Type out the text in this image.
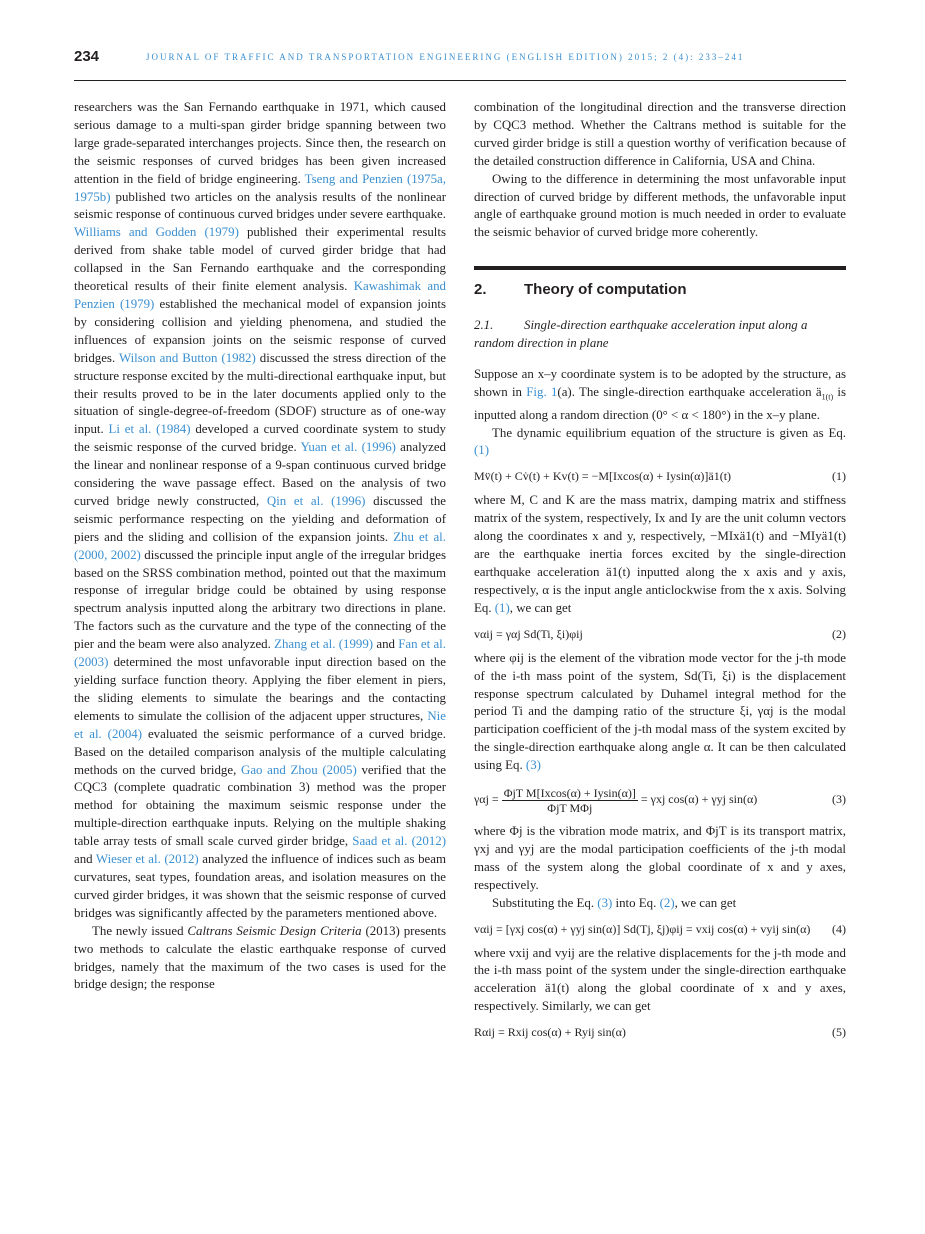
234	JOURNAL OF TRAFFIC AND TRANSPORTATION ENGINEERING (ENGLISH EDITION) 2015; 2 (4): 233–241

researchers was the San Fernando earthquake in 1971, which caused serious damage to a multi-span girder bridge spanning between two large grade-separated interchanges projects. Since then, the research on the seismic responses of curved bridges has been given increased attention in the field of bridge engineering. Tseng and Penzien (1975a, 1975b) published two articles on the analysis results of the nonlinear seismic response of continuous curved bridges under severe earthquake. Williams and Godden (1979) published their experimental results derived from shake table model of curved girder bridge that had collapsed in the San Fernando earthquake and the corresponding theoretical results of their finite element analysis. Kawashimak and Penzien (1979) established the mechanical model of expansion joints by considering collision and yielding phenomena, and studied the influences of expansion joints on the seismic response of curved bridges. Wilson and Button (1982) discussed the stress direction of the structure response excited by the multi-directional earthquake input, but their results proved to be in the later documents applied only to the situation of single-degree-of-freedom (SDOF) structure as of one-way input. Li et al. (1984) developed a curved coordinate system to study the seismic response of the curved bridge. Yuan et al. (1996) analyzed the linear and nonlinear response of a 9-span continuous curved bridge considering the wave passage effect. Based on the analysis of two curved bridge newly constructed, Qin et al. (1996) discussed the seismic performance respecting on the yielding and deformation of piers and the sliding and collision of the expansion joints. Zhu et al. (2000, 2002) discussed the principle input angle of the irregular bridges based on the SRSS combination method, pointed out that the maximum response of irregular bridge could be obtained by using response spectrum analysis inputted along the arbitrary two directions in plane. The factors such as the curvature and the type of the connecting of the pier and the beam were also analyzed. Zhang et al. (1999) and Fan et al. (2003) determined the most unfavorable input direction based on the yielding surface function theory. Applying the fiber element in piers, the sliding elements to simulate the bearings and the contacting elements to simulate the collision of the adjacent upper structures, Nie et al. (2004) evaluated the seismic performance of a curved bridge. Based on the detailed comparison analysis of the multiple calculating methods on the curved bridge, Gao and Zhou (2005) verified that the CQC3 (complete quadratic combination 3) method was the proper method for obtaining the maximum seismic response under the multiple-direction earthquake inputs. Relying on the multiple shaking table array tests of small scale curved girder bridge, Saad et al. (2012) and Wieser et al. (2012) analyzed the influence of indices such as beam curvatures, seat types, foundation areas, and isolation measures on the curved girder bridges, it was shown that the seismic response of curved bridges was significantly affected by the parameters mentioned above.

The newly issued Caltrans Seismic Design Criteria (2013) presents two methods to calculate the elastic earthquake response of curved bridges, namely that the maximum of the two cases is used for the bridge design; the response

combination of the longitudinal direction and the transverse direction by CQC3 method. Whether the Caltrans method is suitable for the curved girder bridge is still a question worthy of verification because of the detailed construction difference in California, USA and China.

Owing to the difference in determining the most unfavorable input direction of curved bridge by different methods, the unfavorable input angle of earthquake ground motion is much needed in order to evaluate the seismic behavior of curved bridge more coherently.

2. Theory of computation
2.1. Single-direction earthquake acceleration input along a random direction in plane

Suppose an x–y coordinate system is to be adopted by the structure, as shown in Fig. 1(a). The single-direction earthquake acceleration $ä_{1(t)}$ is inputted along a random direction (0° < α < 180°) in the x–y plane.

The dynamic equilibrium equation of the structure is given as Eq. (1)

Mv̈(t) + Cv̇(t) + Kv(t) = −M[Ixcos(α) + Iysin(α)]ä1(t)	(1)

where M, C and K are the mass matrix, damping matrix and stiffness matrix of the system, respectively, Ix and Iy are the unit column vectors along the coordinates x and y, respectively, −MIxä1(t) and −MIyä1(t) are the earthquake inertia forces excited by the single-direction earthquake acceleration ä1(t) inputted along the x axis and y axis, respectively, α is the input angle anticlockwise from the x axis. Solving Eq. (1), we can get

vαij = γαj Sd(Ti, ξi)φij	(2)

where φij is the element of the vibration mode vector for the j-th mode of the i-th mass point of the system, Sd(Ti, ξi) is the displacement response spectrum calculated by Duhamel integral method for the period Ti and the damping ratio of the structure ξi, γαj is the modal participation coefficient of the j-th modal mass of the system excited by the single-direction earthquake along angle α. It can be then calculated using Eq. (3)

$\gamma\alpha j = \frac{\text{ΦjT M[Ixcos(α) + Iysin(α)]}}{\text{ΦjT MΦj}} = \gamma xj$ cos(α) + γyj sin(α)	(3)

where Φj is the vibration mode matrix, and ΦjT is its transport matrix, γxj and γyj are the modal participation coefficients of the j-th modal mass of the system along the global coordinate of x and y axes, respectively.

Substituting the Eq. (3) into Eq. (2), we can get

vαij = [γxj cos(α) + γyj sin(α)] Sd(Tj, ξj)φij = vxij cos(α) + vyij sin(α) (4)

where vxij and vyij are the relative displacements for the j-th mode and the i-th mass point of the system under the single-direction earthquake acceleration ä1(t) along the global coordinate of x and y axes, respectively. Similarly, we can get

Rαij = Rxij cos(α) + Ryij sin(α)	(5)
